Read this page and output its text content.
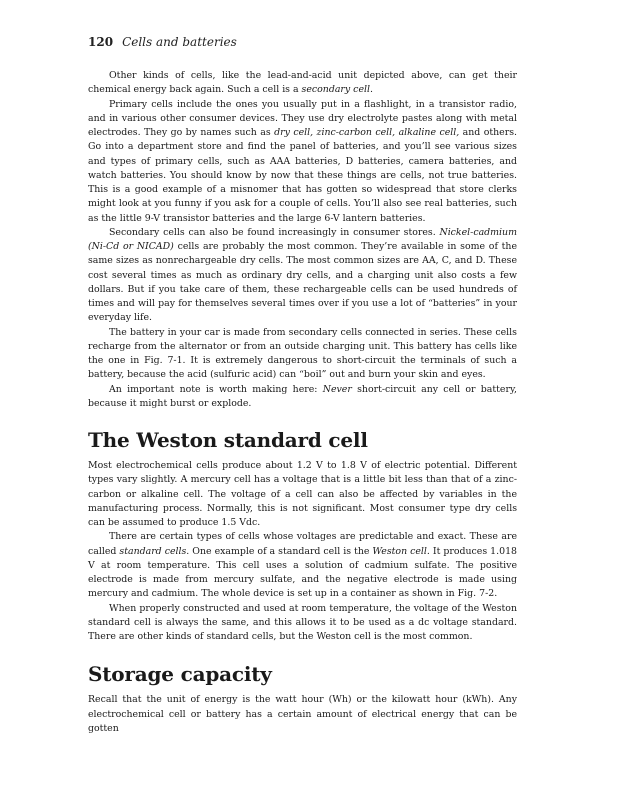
120 Cells and batteries

Other kinds of cells, like the lead-and-acid unit depicted above, can get their chemical energy back again. Such a cell is a secondary cell.

Primary cells include the ones you usually put in a flashlight, in a transistor radio, and in various other consumer devices. They use dry electrolyte pastes along with metal electrodes. They go by names such as dry cell, zinc-carbon cell, alkaline cell, and others. Go into a department store and find the panel of batteries, and you’ll see various sizes and types of primary cells, such as AAA batteries, D batteries, camera batteries, and watch batteries. You should know by now that these things are cells, not true batteries. This is a good example of a misnomer that has gotten so widespread that store clerks might look at you funny if you ask for a couple of cells. You’ll also see real batteries, such as the little 9-V transistor batteries and the large 6-V lantern batteries.

Secondary cells can also be found increasingly in consumer stores. Nickel-cadmium (Ni-Cd or NICAD) cells are probably the most common. They’re available in some of the same sizes as nonrechargeable dry cells. The most common sizes are AA, C, and D. These cost several times as much as ordinary dry cells, and a charging unit also costs a few dollars. But if you take care of them, these rechargeable cells can be used hundreds of times and will pay for themselves several times over if you use a lot of “batteries” in your everyday life.

The battery in your car is made from secondary cells connected in series. These cells recharge from the alternator or from an outside charging unit. This battery has cells like the one in Fig. 7-1. It is extremely dangerous to short-circuit the terminals of such a battery, because the acid (sulfuric acid) can “boil” out and burn your skin and eyes.

An important note is worth making here: Never short-circuit any cell or battery, because it might burst or explode.

The Weston standard cell

Most electrochemical cells produce about 1.2 V to 1.8 V of electric potential. Different types vary slightly. A mercury cell has a voltage that is a little bit less than that of a zinc-carbon or alkaline cell. The voltage of a cell can also be affected by variables in the manufacturing process. Normally, this is not significant. Most consumer type dry cells can be assumed to produce 1.5 Vdc.

There are certain types of cells whose voltages are predictable and exact. These are called standard cells. One example of a standard cell is the Weston cell. It produces 1.018 V at room temperature. This cell uses a solution of cadmium sulfate. The positive electrode is made from mercury sulfate, and the negative electrode is made using mercury and cadmium. The whole device is set up in a container as shown in Fig. 7-2.

When properly constructed and used at room temperature, the voltage of the Weston standard cell is always the same, and this allows it to be used as a dc voltage standard. There are other kinds of standard cells, but the Weston cell is the most common.

Storage capacity

Recall that the unit of energy is the watt hour (Wh) or the kilowatt hour (kWh). Any electrochemical cell or battery has a certain amount of electrical energy that can be gotten
